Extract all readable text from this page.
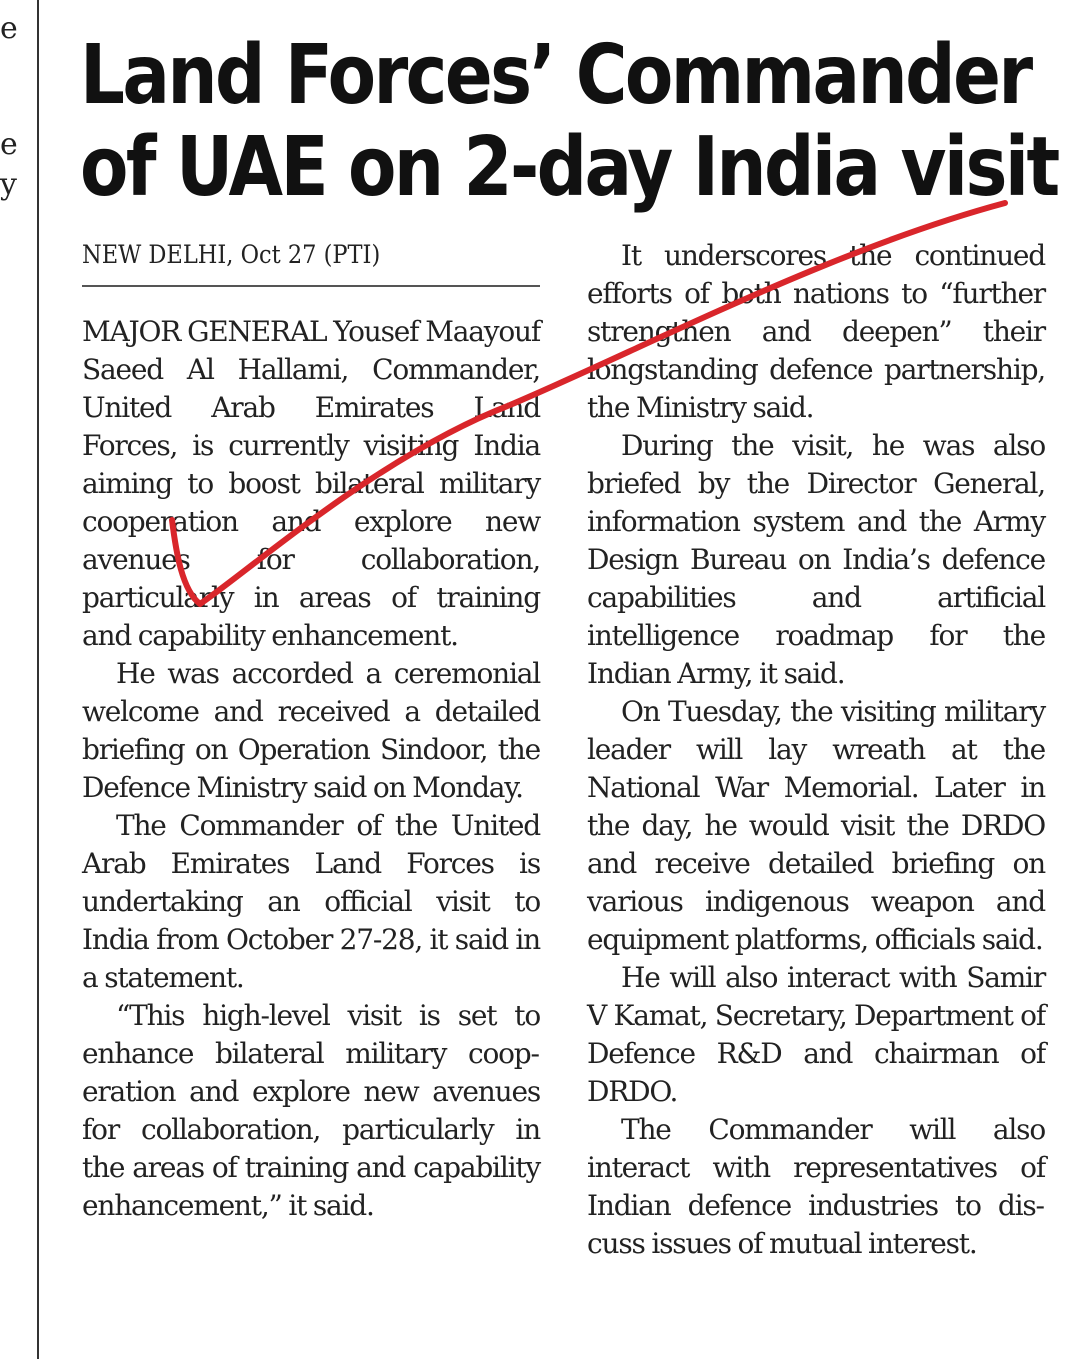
e
e
y
Land Forces’ Commander
of UAE on 2-day India visit
NEW DELHI, Oct 27 (PTI)

MAJOR GENERAL Yousef Maayouf Saeed Al Hallami, Commander, United Arab Emirates Land Forces, is currently visiting India aiming to boost bilateral military cooperation and explore new avenues for collaboration, particularly in areas of training and capability enhancement.

He was accorded a ceremonial welcome and received a detailed briefing on Operation Sindoor, the Defence Ministry said on Monday.

The Commander of the United Arab Emirates Land Forces is undertaking an official visit to India from October 27-28, it said in a statement.

“This high-level visit is set to enhance bilateral military cooperation and explore new avenues for collaboration, particularly in the areas of training and capability enhancement,” it said.

It underscores the continued efforts of both nations to “further strengthen and deepen” their longstanding defence partnership, the Ministry said.

During the visit, he was also briefed by the Director General, information system and the Army Design Bureau on India’s defence capabilities and artificial intelligence roadmap for the Indian Army, it said.

On Tuesday, the visiting military leader will lay wreath at the National War Memorial. Later in the day, he would visit the DRDO and receive detailed briefing on various indigenous weapon and equipment platforms, officials said.

He will also interact with Samir V Kamat, Secretary, Department of Defence R&D and chairman of DRDO.

The Commander will also interact with representatives of Indian defence industries to discuss issues of mutual interest.
